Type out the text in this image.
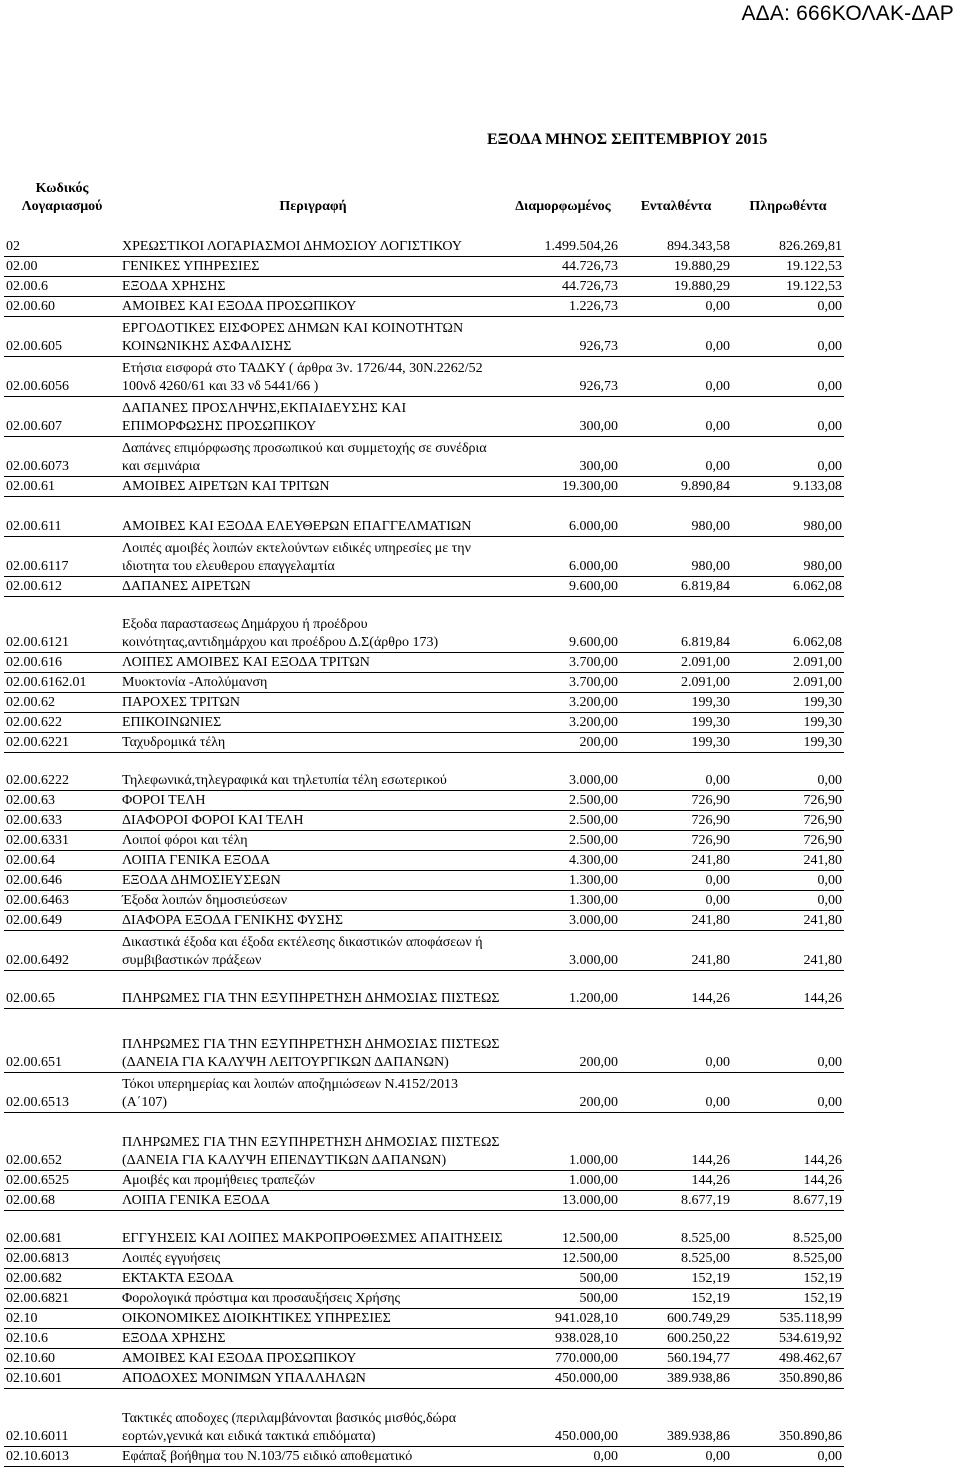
ΑΔΑ: 666ΚΟΛΑΚ-ΔΑΡ
ΕΞΟΔΑ ΜΗΝΟΣ ΣΕΠΤΕΜΒΡΙΟΥ 2015
Κωδικός Λογαριασμού	Περιγραφή	Διαμορφωμένος	Ενταλθέντα	Πληρωθέντα
02	ΧΡΕΩΣΤΙΚΟΙ ΛΟΓΑΡΙΑΣΜΟΙ ΔΗΜΟΣΙΟΥ ΛΟΓΙΣΤΙΚΟΥ	1.499.504,26	894.343,58	826.269,81
02.00	ΓΕΝΙΚΕΣ ΥΠΗΡΕΣΙΕΣ	44.726,73	19.880,29	19.122,53
02.00.6	ΕΞΟΔΑ ΧΡΗΣΗΣ	44.726,73	19.880,29	19.122,53
02.00.60	ΑΜΟΙΒΕΣ ΚΑΙ ΕΞΟΔΑ ΠΡΟΣΩΠΙΚΟΥ	1.226,73	0,00	0,00
02.00.605	ΕΡΓΟΔΟΤΙΚΕΣ ΕΙΣΦΟΡΕΣ ΔΗΜΩΝ ΚΑΙ ΚΟΙΝΟΤΗΤΩΝ ΚΟΙΝΩΝΙΚΗΣ ΑΣΦΑΛΙΣΗΣ	926,73	0,00	0,00
02.00.6056	Ετήσια εισφορά στο ΤΑΔΚΥ ( άρθρα 3ν. 1726/44, 30Ν.2262/52 100νδ 4260/61 και 33 νδ 5441/66 )	926,73	0,00	0,00
02.00.607	ΔΑΠΑΝΕΣ ΠΡΟΣΛΗΨΗΣ,ΕΚΠΑΙΔΕΥΣΗΣ ΚΑΙ ΕΠΙΜΟΡΦΩΣΗΣ ΠΡΟΣΩΠΙΚΟΥ	300,00	0,00	0,00
02.00.6073	Δαπάνες επιμόρφωσης προσωπικού και συμμετοχής σε συνέδρια και σεμινάρια	300,00	0,00	0,00
02.00.61	ΑΜΟΙΒΕΣ ΑΙΡΕΤΩΝ ΚΑΙ ΤΡΙΤΩΝ	19.300,00	9.890,84	9.133,08
02.00.611	ΑΜΟΙΒΕΣ ΚΑΙ ΕΞΟΔΑ ΕΛΕΥΘΕΡΩΝ ΕΠΑΓΓΕΛΜΑΤΙΩΝ	6.000,00	980,00	980,00
02.00.6117	Λοιπές αμοιβές λοιπών εκτελούντων ειδικές υπηρεσίες με την ιδιοτητα του ελευθερου επαγγελαμτία	6.000,00	980,00	980,00
02.00.612	ΔΑΠΑΝΕΣ ΑΙΡΕΤΩΝ	9.600,00	6.819,84	6.062,08
02.00.6121	Εξοδα παραστασεως Δημάρχου ή προέδρου κοινότητας,αντιδημάρχου και προέδρου Δ.Σ(άρθρο 173)	9.600,00	6.819,84	6.062,08
02.00.616	ΛΟΙΠΕΣ ΑΜΟΙΒΕΣ ΚΑΙ ΕΞΟΔΑ ΤΡΙΤΩΝ	3.700,00	2.091,00	2.091,00
02.00.6162.01	Μυοκτονία -Απολύμανση	3.700,00	2.091,00	2.091,00
02.00.62	ΠΑΡΟΧΕΣ ΤΡΙΤΩΝ	3.200,00	199,30	199,30
02.00.622	ΕΠΙΚΟΙΝΩΝΙΕΣ	3.200,00	199,30	199,30
02.00.6221	Ταχυδρομικά τέλη	200,00	199,30	199,30
02.00.6222	Τηλεφωνικά,τηλεγραφικά και τηλετυπία τέλη εσωτερικού	3.000,00	0,00	0,00
02.00.63	ΦΟΡΟΙ ΤΕΛΗ	2.500,00	726,90	726,90
02.00.633	ΔΙΑΦΟΡΟΙ ΦΟΡΟΙ ΚΑΙ ΤΕΛΗ	2.500,00	726,90	726,90
02.00.6331	Λοιποί φόροι και τέλη	2.500,00	726,90	726,90
02.00.64	ΛΟΙΠΑ ΓΕΝΙΚΑ ΕΞΟΔΑ	4.300,00	241,80	241,80
02.00.646	ΕΞΟΔΑ ΔΗΜΟΣΙΕΥΣΕΩΝ	1.300,00	0,00	0,00
02.00.6463	Έξοδα λοιπών δημοσιεύσεων	1.300,00	0,00	0,00
02.00.649	ΔΙΑΦΟΡΑ ΕΞΟΔΑ ΓΕΝΙΚΗΣ ΦΥΣΗΣ	3.000,00	241,80	241,80
02.00.6492	Δικαστικά έξοδα και έξοδα εκτέλεσης δικαστικών αποφάσεων ή συμβιβαστικών πράξεων	3.000,00	241,80	241,80
02.00.65	ΠΛΗΡΩΜΕΣ ΓΙΑ ΤΗΝ ΕΞΥΠΗΡΕΤΗΣΗ ΔΗΜΟΣΙΑΣ ΠΙΣΤΕΩΣ	1.200,00	144,26	144,26
02.00.651	ΠΛΗΡΩΜΕΣ ΓΙΑ ΤΗΝ ΕΞΥΠΗΡΕΤΗΣΗ ΔΗΜΟΣΙΑΣ ΠΙΣΤΕΩΣ (ΔΑΝΕΙΑ ΓΙΑ ΚΑΛΥΨΗ ΛΕΙΤΟΥΡΓΙΚΩΝ ΔΑΠΑΝΩΝ)	200,00	0,00	0,00
02.00.6513	Τόκοι υπερημερίας και λοιπών αποζημιώσεων Ν.4152/2013 (Α΄107)	200,00	0,00	0,00
02.00.652	ΠΛΗΡΩΜΕΣ ΓΙΑ ΤΗΝ ΕΞΥΠΗΡΕΤΗΣΗ ΔΗΜΟΣΙΑΣ ΠΙΣΤΕΩΣ (ΔΑΝΕΙΑ ΓΙΑ ΚΑΛΥΨΗ ΕΠΕΝΔΥΤΙΚΩΝ ΔΑΠΑΝΩΝ)	1.000,00	144,26	144,26
02.00.6525	Αμοιβές και προμήθειες τραπεζών	1.000,00	144,26	144,26
02.00.68	ΛΟΙΠΑ ΓΕΝΙΚΑ ΕΞΟΔΑ	13.000,00	8.677,19	8.677,19
02.00.681	ΕΓΓΥΗΣΕΙΣ ΚΑΙ ΛΟΙΠΕΣ ΜΑΚΡΟΠΡΟΘΕΣΜΕΣ ΑΠΑΙΤΗΣΕΙΣ	12.500,00	8.525,00	8.525,00
02.00.6813	Λοιπές εγγυήσεις	12.500,00	8.525,00	8.525,00
02.00.682	ΕΚΤΑΚΤΑ ΕΞΟΔΑ	500,00	152,19	152,19
02.00.6821	Φορολογικά πρόστιμα και προσαυξήσεις Χρήσης	500,00	152,19	152,19
02.10	ΟΙΚΟΝΟΜΙΚΕΣ ΔΙΟΙΚΗΤΙΚΕΣ ΥΠΗΡΕΣΙΕΣ	941.028,10	600.749,29	535.118,99
02.10.6	ΕΞΟΔΑ ΧΡΗΣΗΣ	938.028,10	600.250,22	534.619,92
02.10.60	ΑΜΟΙΒΕΣ ΚΑΙ ΕΞΟΔΑ ΠΡΟΣΩΠΙΚΟΥ	770.000,00	560.194,77	498.462,67
02.10.601	ΑΠΟΔΟΧΕΣ ΜΟΝΙΜΩΝ ΥΠΑΛΛΗΛΩΝ	450.000,00	389.938,86	350.890,86
02.10.6011	Τακτικές αποδοχες (περιλαμβάνονται βασικός μισθός,δώρα εορτών,γενικά και ειδικά τακτικά επιδόματα)	450.000,00	389.938,86	350.890,86
02.10.6013	Εφάπαξ βοήθημα του Ν.103/75 ειδικό αποθεματικό	0,00	0,00	0,00
